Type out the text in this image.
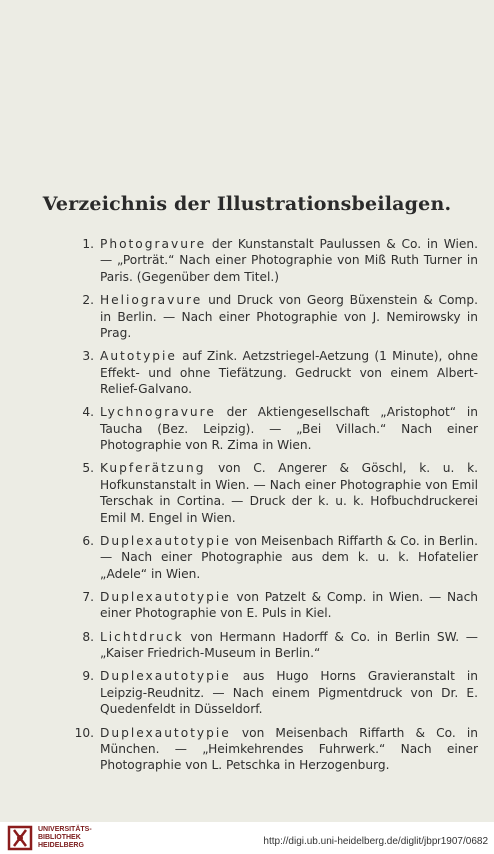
Verzeichnis der Illustrationsbeilagen.
1. Photogravure der Kunstanstalt Paulussen & Co. in Wien. — „Porträt.“ Nach einer Photographie von Miß Ruth Turner in Paris. (Gegenüber dem Titel.)
2. Heliogravure und Druck von Georg Büxenstein & Comp. in Berlin. — Nach einer Photographie von J. Nemirowsky in Prag.
3. Autotypie auf Zink. Aetzstriegel-Aetzung (1 Minute), ohne Effekt- und ohne Tiefätzung. Gedruckt von einem Albert-Relief-Galvano.
4. Lychnogravure der Aktiengesellschaft „Aristophot“ in Taucha (Bez. Leipzig). — „Bei Villach.“ Nach einer Photographie von R. Zima in Wien.
5. Kupferätzung von C. Angerer & Göschl, k. u. k. Hofkunstanstalt in Wien. — Nach einer Photographie von Emil Terschak in Cortina. — Druck der k. u. k. Hofbuchdruckerei Emil M. Engel in Wien.
6. Duplexautotypie von Meisenbach Riffarth & Co. in Berlin. — Nach einer Photographie aus dem k. u. k. Hofatelier „Adele“ in Wien.
7. Duplexautotypie von Patzelt & Comp. in Wien. — Nach einer Photographie von E. Puls in Kiel.
8. Lichtdruck von Hermann Hadorff & Co. in Berlin SW. — „Kaiser Friedrich-Museum in Berlin.“
9. Duplexautotypie aus Hugo Horns Gravieranstalt in Leipzig-Reudnitz. — Nach einem Pigmentdruck von Dr. E. Quedenfeldt in Düsseldorf.
10. Duplexautotypie von Meisenbach Riffarth & Co. in München. — „Heimkehrendes Fuhrwerk.“ Nach einer Photographie von L. Petschka in Herzogenburg.
UNIVERSITÄTS-
BIBLIOTHEK
HEIDELBERG	http://digi.ub.uni-heidelberg.de/diglit/jbpr1907/0682
